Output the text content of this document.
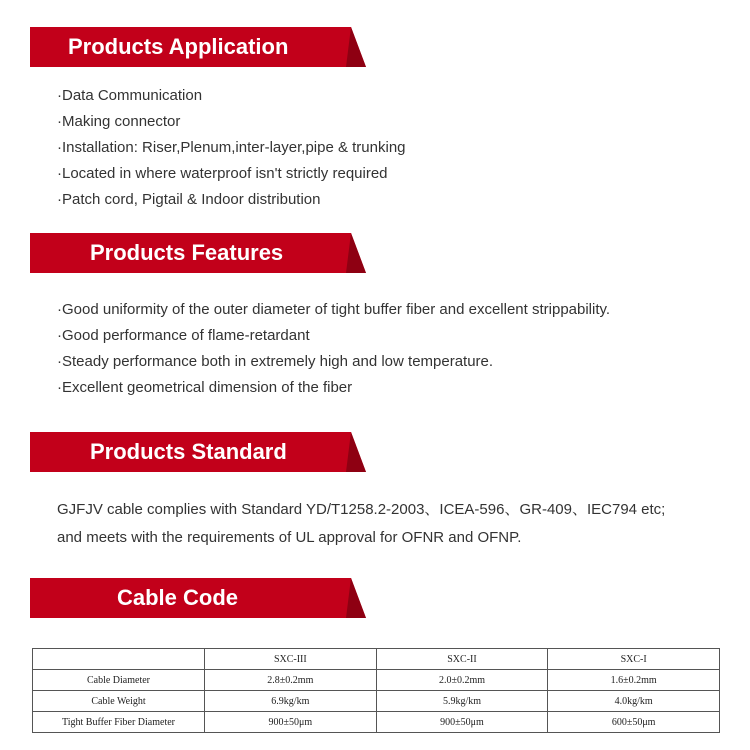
Products Application
·Data Communication
·Making connector
·Installation: Riser,Plenum,inter-layer,pipe & trunking
·Located in where waterproof isn't strictly required
·Patch cord, Pigtail & Indoor distribution
Products Features
·Good uniformity of the outer diameter of tight buffer fiber and excellent strippability.
·Good performance of flame-retardant
·Steady performance both in extremely high and low temperature.
·Excellent geometrical dimension of the fiber
Products Standard

GJFJV cable complies with Standard YD/T1258.2-2003、ICEA-596、GR-409、IEC794 etc;

and meets with the requirements of UL approval for OFNR and OFNP.

Cable Code
	SXC-III	SXC-II	SXC-I
Cable Diameter	2.8±0.2mm	2.0±0.2mm	1.6±0.2mm
Cable Weight	6.9kg/km	5.9kg/km	4.0kg/km
Tight Buffer Fiber Diameter	900±50μm	900±50μm	600±50μm
